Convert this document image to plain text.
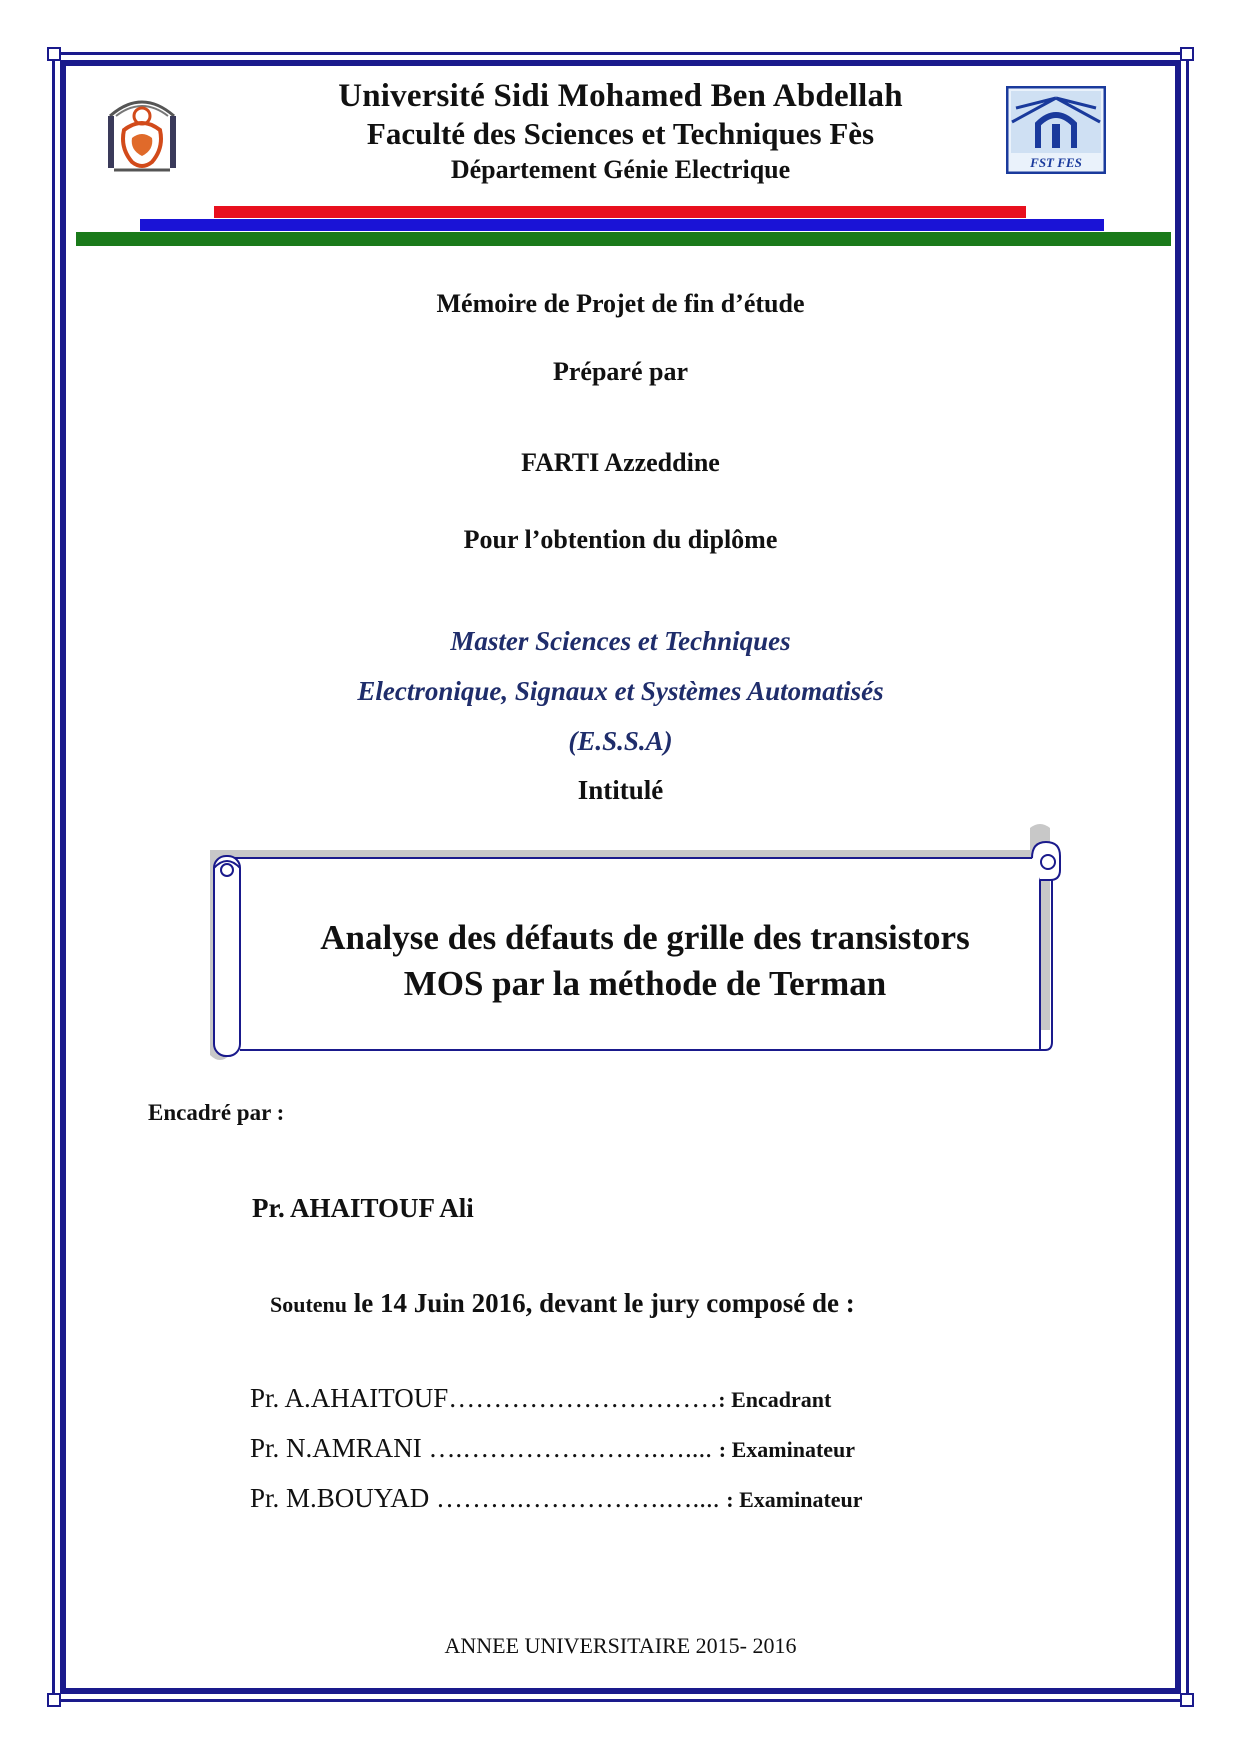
FST FES
Université Sidi Mohamed Ben Abdellah
Faculté des Sciences et Techniques Fès
Département Génie Electrique
Mémoire de Projet de fin d’étude
Préparé par
FARTI Azzeddine
Pour l’obtention du diplôme
Master Sciences et Techniques
Electronique, Signaux et Systèmes Automatisés
(E.S.S.A)
Intitulé
Analyse des défauts de grille des transistors
MOS par la méthode de Terman
Encadré par :
Pr. AHAITOUF Ali
Soutenu le 14 Juin 2016, devant le jury composé de :
Pr. A.AHAITOUF…………………………: Encadrant
Pr. N.AMRANI ….………………….….... : Examinateur
Pr. M.BOUYAD ……….…………….….... : Examinateur
ANNEE UNIVERSITAIRE 2015- 2016
